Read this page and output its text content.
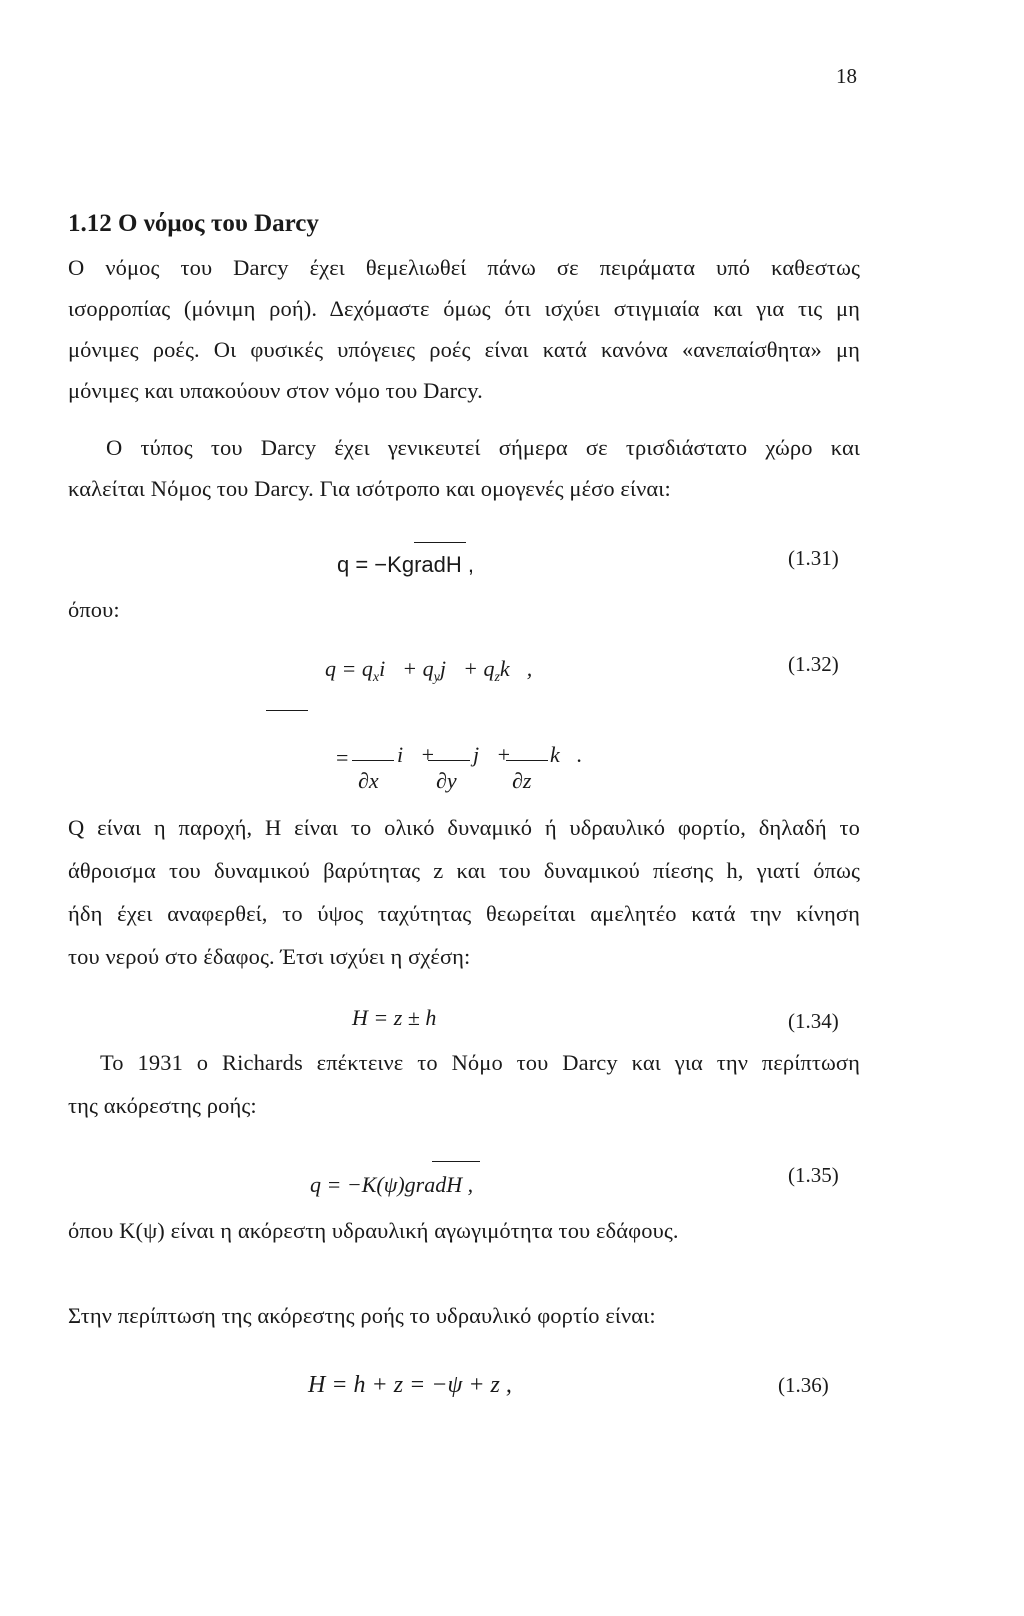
18
1.12 Ο νόμος του Darcy
Ο νόμος του Darcy έχει θεμελιωθεί πάνω σε πειράματα υπό καθεστως
ισορροπίας (μόνιμη ροή). Δεχόμαστε όμως ότι ισχύει στιγμιαία και για τις μη
μόνιμες ροές. Οι φυσικές υπόγειες ροές είναι κατά κανόνα «ανεπαίσθητα» μη
μόνιμες και υπακούουν στον νόμο του Darcy.
Ο τύπος του Darcy έχει γενικευτεί σήμερα σε τρισδιάστατο χώρο και
καλείται Νόμος του Darcy. Για ισότροπο και ομογενές μέσο είναι:
q = −KgradH ,	(1.31)
όπου:
$q = q_xi⃗+$ $q_yj⃗+$ $q_zk⃗$,	(1.32)
= i⃗+ j⃗+ k⃗.
∂x	∂y	∂z
Q είναι η παροχή, Η είναι το ολικό δυναμικό ή υδραυλικό φορτίο, δηλαδή το
άθροισμα του δυναμικού βαρύτητας z και του δυναμικού πίεσης h, γιατί όπως
ήδη έχει αναφερθεί, το ύψος ταχύτητας θεωρείται αμελητέο κατά την κίνηση
του νερού στο έδαφος. Έτσι ισχύει η σχέση:
H = z ± h	(1.34)
Το 1931 ο Richards επέκτεινε το Νόμο του Darcy και για την περίπτωση
της ακόρεστης ροής:
q = −K(ψ)gradH ,	(1.35)
όπου K(ψ) είναι η ακόρεστη υδραυλική αγωγιμότητα του εδάφους.
Στην περίπτωση της ακόρεστης ροής το υδραυλικό φορτίο είναι:
H = h + z = −ψ + z ,	(1.36)
